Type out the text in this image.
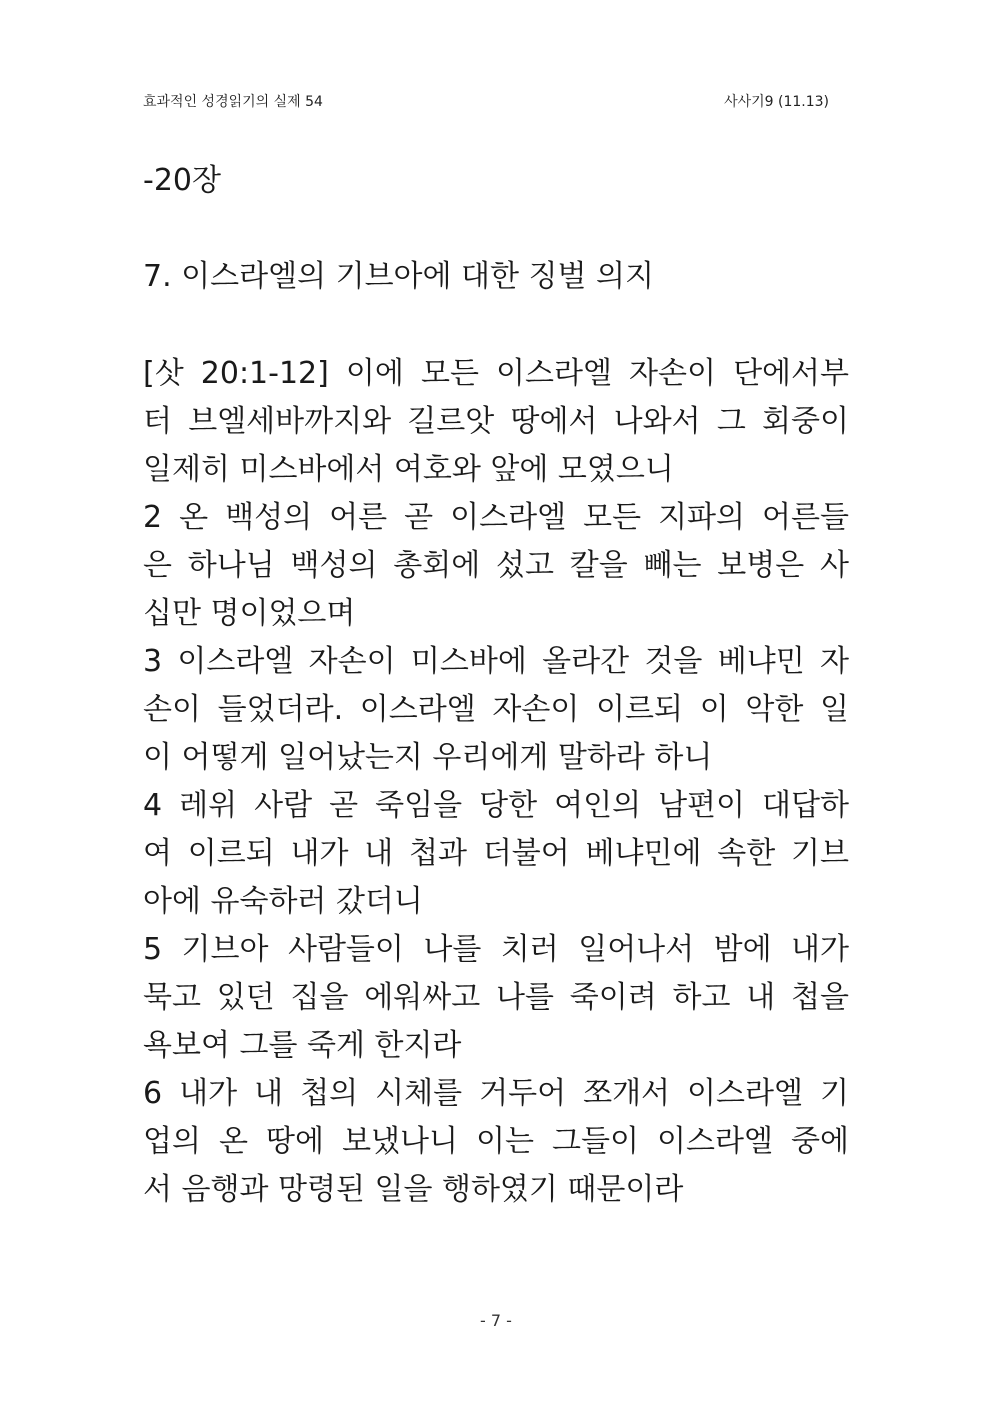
효과적인 성경읽기의 실제 54	사사기9 (11.13)
-20장
7. 이스라엘의 기브아에 대한 징벌 의지
[삿 20:1-12] 이에 모든 이스라엘 자손이 단에서부
터 브엘세바까지와 길르앗 땅에서 나와서 그 회중이
일제히 미스바에서 여호와 앞에 모였으니
2 온 백성의 어른 곧 이스라엘 모든 지파의 어른들
은 하나님 백성의 총회에 섰고 칼을 빼는 보병은 사
십만 명이었으며
3 이스라엘 자손이 미스바에 올라간 것을 베냐민 자
손이 들었더라. 이스라엘 자손이 이르되 이 악한 일
이 어떻게 일어났는지 우리에게 말하라 하니
4 레위 사람 곧 죽임을 당한 여인의 남편이 대답하
여 이르되 내가 내 첩과 더불어 베냐민에 속한 기브
아에 유숙하러 갔더니
5 기브아 사람들이 나를 치러 일어나서 밤에 내가
묵고 있던 집을 에워싸고 나를 죽이려 하고 내 첩을
욕보여 그를 죽게 한지라
6 내가 내 첩의 시체를 거두어 쪼개서 이스라엘 기
업의 온 땅에 보냈나니 이는 그들이 이스라엘 중에
서 음행과 망령된 일을 행하였기 때문이라
- 7 -
